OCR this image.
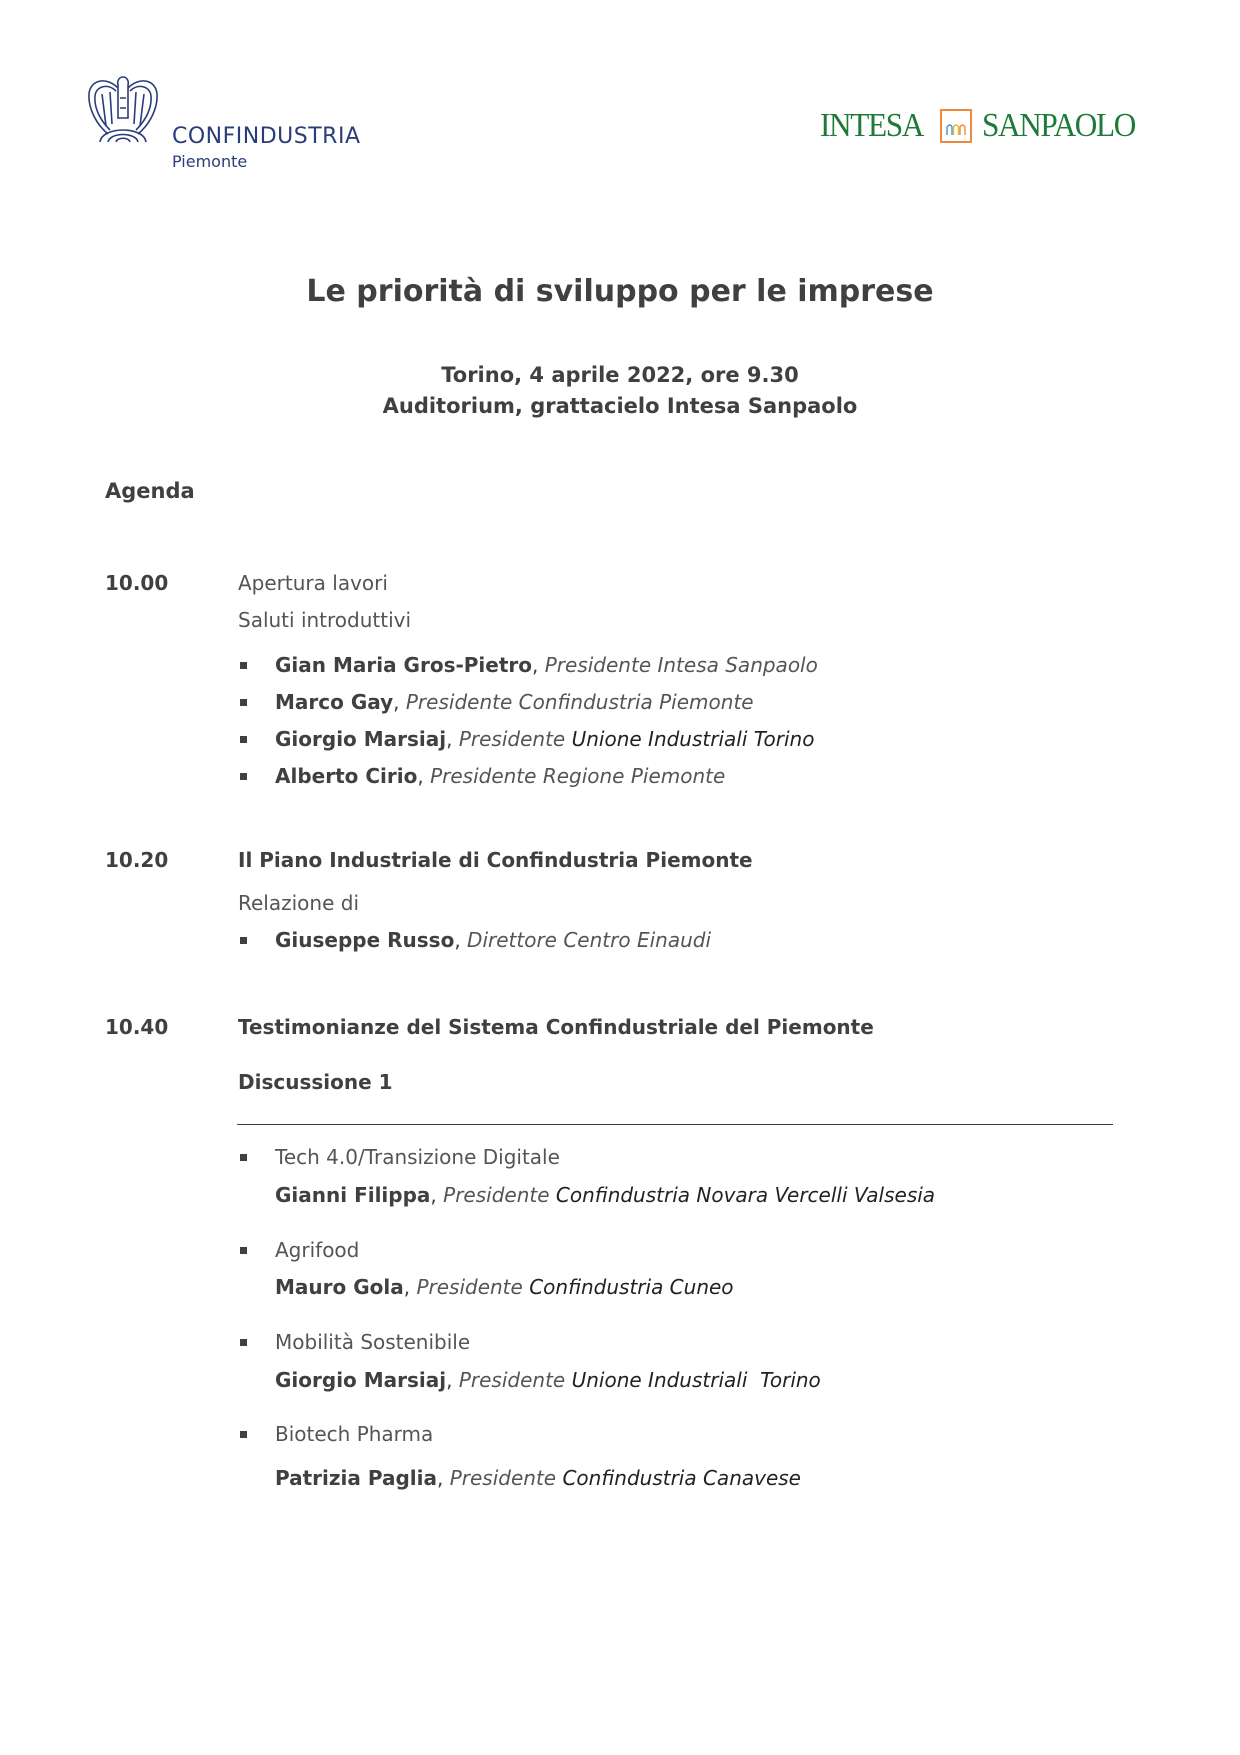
CONFINDUSTRIA
Piemonte
INTESA SANPAOLO
Le priorità di sviluppo per le imprese
Torino, 4 aprile 2022, ore 9.30
Auditorium, grattacielo Intesa Sanpaolo
Agenda
10.00	Apertura lavori
Saluti introduttivi
Gian Maria Gros-Pietro, Presidente Intesa Sanpaolo
Marco Gay, Presidente Confindustria Piemonte
Giorgio Marsiaj, Presidente Unione Industriali Torino
Alberto Cirio, Presidente Regione Piemonte
10.20	Il Piano Industriale di Confindustria Piemonte
Relazione di
Giuseppe Russo, Direttore Centro Einaudi
10.40	Testimonianze del Sistema Confindustriale del Piemonte
Discussione 1
Tech 4.0/Transizione Digitale
Gianni Filippa, Presidente Confindustria Novara Vercelli Valsesia
Agrifood
Mauro Gola, Presidente Confindustria Cuneo
Mobilità Sostenibile
Giorgio Marsiaj, Presidente Unione Industriali  Torino
Biotech Pharma
Patrizia Paglia, Presidente Confindustria Canavese
